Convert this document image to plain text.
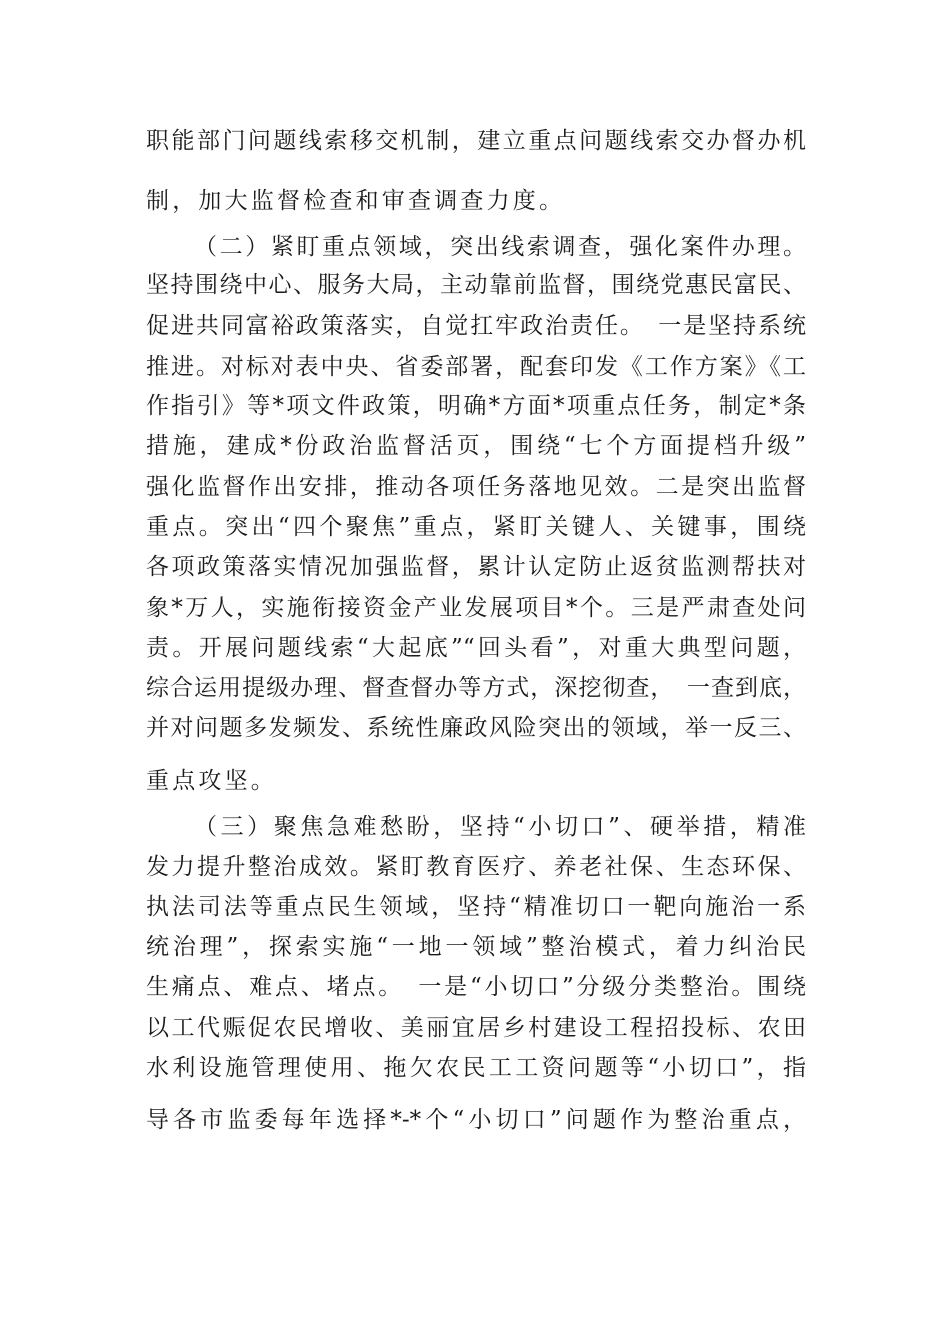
职能部门问题线索移交机制，建立重点问题线索交办督办机
制，加大监督检查和审查调查力度。
（二）紧盯重点领域，突出线索调查，强化案件办理。
坚持围绕中心、服务大局，主动靠前监督，围绕党惠民富民、
促进共同富裕政策落实，自觉扛牢政治责任。　一是坚持系统
推进。对标对表中央、省委部署，配套印发《工作方案》《工
作指引》等*项文件政策，明确*方面*项重点任务，制定*条
措施，建成*份政治监督活页，围绕“七个方面提档升级”
强化监督作出安排，推动各项任务落地见效。二是突出监督
重点。突出“四个聚焦”重点，紧盯关键人、关键事，围绕
各项政策落实情况加强监督，累计认定防止返贫监测帮扶对
象*万人，实施衔接资金产业发展项目*个。三是严肃查处问
责。开展问题线索“大起底”“回头看”，对重大典型问题，
综合运用提级办理、督查督办等方式，深挖彻查，　一查到底，
并对问题多发频发、系统性廉政风险突出的领域，举一反三、
重点攻坚。
（三）聚焦急难愁盼，坚持“小切口”、硬举措，精准
发力提升整治成效。紧盯教育医疗、养老社保、生态环保、
执法司法等重点民生领域，坚持“精准切口一靶向施治一系
统治理”，探索实施“一地一领域”整治模式，着力纠治民
生痛点、难点、堵点。　一是“小切口”分级分类整治。围绕
以工代赈促农民增收、美丽宜居乡村建设工程招投标、农田
水利设施管理使用、拖欠农民工工资问题等“小切口”，指
导各市监委每年选择*-*个“小切口”问题作为整治重点，
